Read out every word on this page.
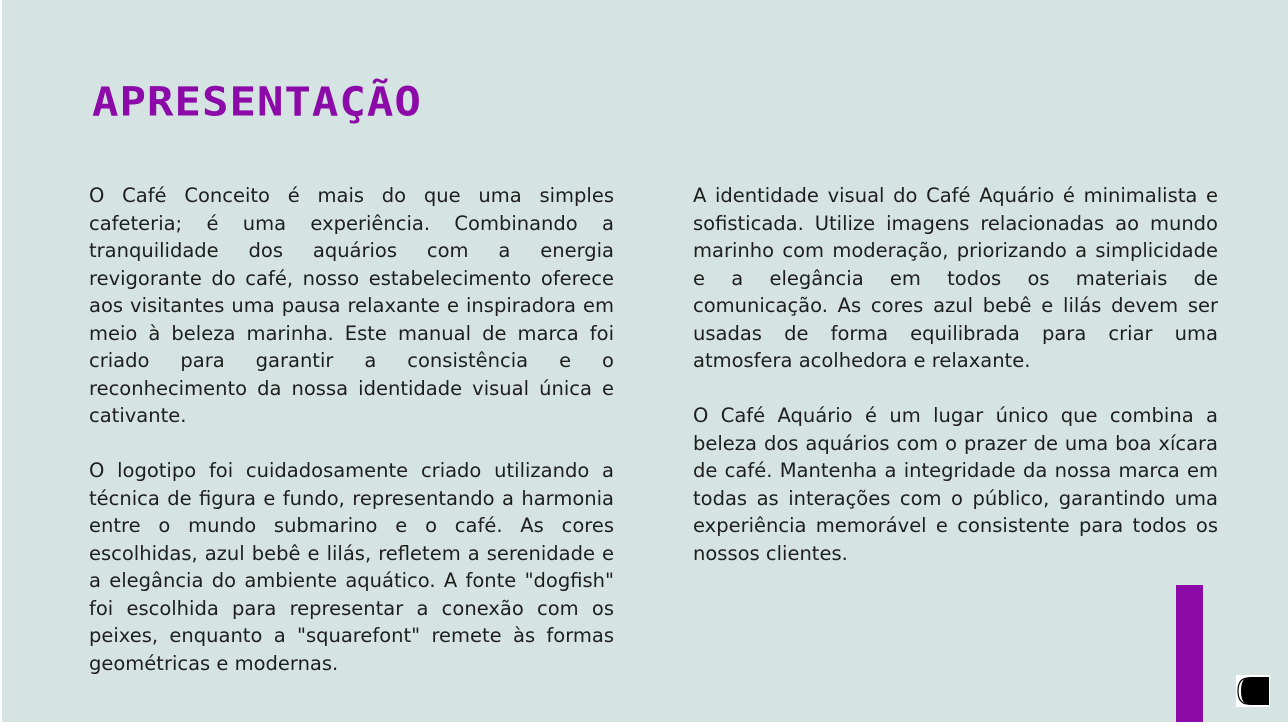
APRESENTAÇÃO

O Café Conceito é mais do que uma simples cafeteria; é uma experiência. Combinando a tranquilidade dos aquários com a energia revigorante do café, nosso estabelecimento oferece aos visitantes uma pausa relaxante e inspiradora em meio à beleza marinha. Este manual de marca foi criado para garantir a consistência e o reconhecimento da nossa identidade visual única e cativante.

O logotipo foi cuidadosamente criado utilizando a técnica de figura e fundo, representando a harmonia entre o mundo submarino e o café. As cores escolhidas, azul bebê e lilás, refletem a serenidade e a elegância do ambiente aquático. A fonte "dogfish" foi escolhida para representar a conexão com os peixes, enquanto a "squarefont" remete às formas geométricas e modernas.

A identidade visual do Café Aquário é minimalista e sofisticada. Utilize imagens relacionadas ao mundo marinho com moderação, priorizando a simplicidade e a elegância em todos os materiais de comunicação. As cores azul bebê e lilás devem ser usadas de forma equilibrada para criar uma atmosfera acolhedora e relaxante.

O Café Aquário é um lugar único que combina a beleza dos aquários com o prazer de uma boa xícara de café. Mantenha a integridade da nossa marca em todas as interações com o público, garantindo uma experiência memorável e consistente para todos os nossos clientes.
